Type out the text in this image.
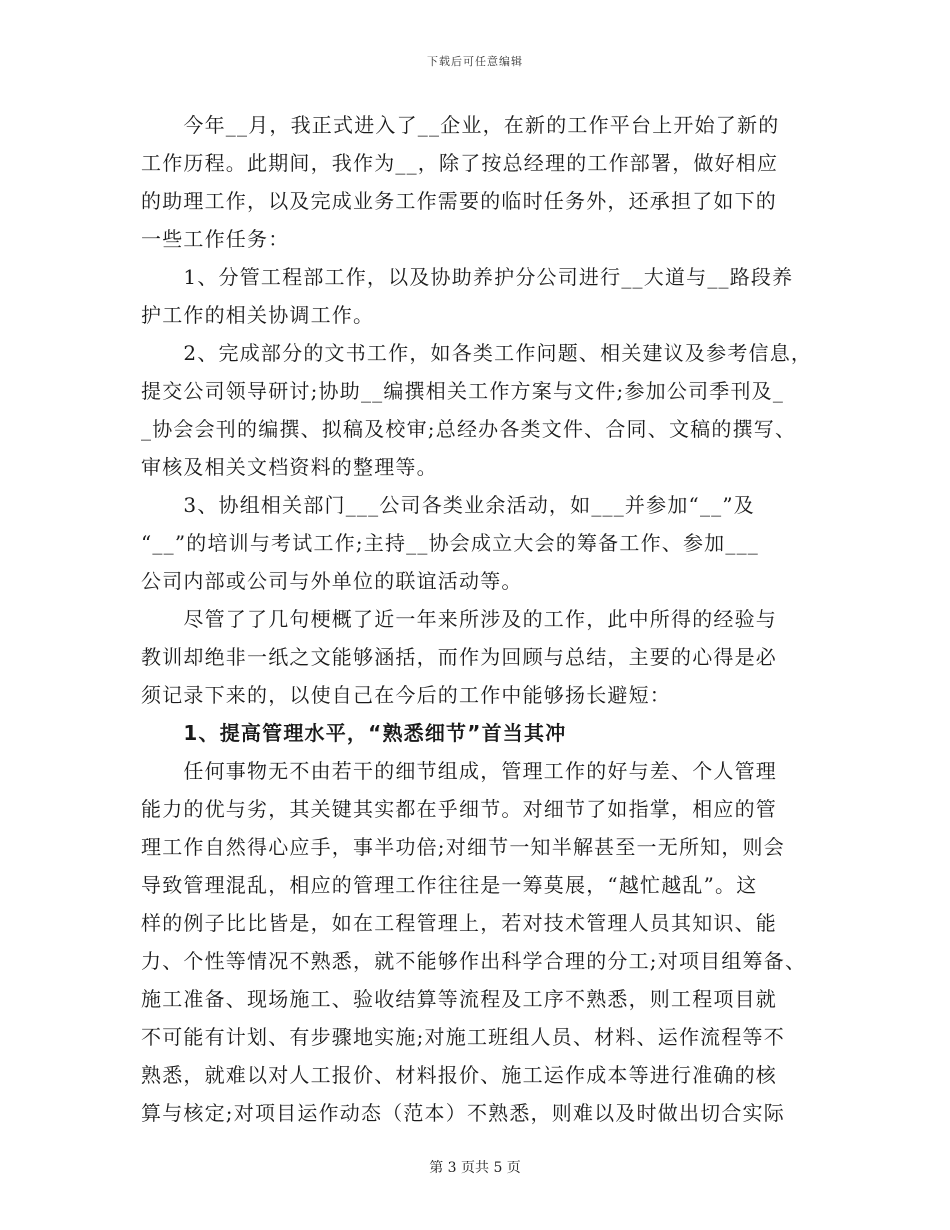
下载后可任意编辑
　　今年__月，我正式进入了__企业，在新的工作平台上开始了新的
工作历程。此期间，我作为__，除了按总经理的工作部署，做好相应
的助理工作，以及完成业务工作需要的临时任务外，还承担了如下的
一些工作任务：
　　1、分管工程部工作，以及协助养护分公司进行__大道与__路段养
护工作的相关协调工作。
　　2、完成部分的文书工作，如各类工作问题、相关建议及参考信息，
提交公司领导研讨;协助__编撰相关工作方案与文件;参加公司季刊及_
_协会会刊的编撰、拟稿及校审;总经办各类文件、合同、文稿的撰写、
审核及相关文档资料的整理等。
　　3、协组相关部门___公司各类业余活动，如___并参加“__”及
“__”的培训与考试工作;主持__协会成立大会的筹备工作、参加___
公司内部或公司与外单位的联谊活动等。
　　尽管了了几句梗概了近一年来所涉及的工作，此中所得的经验与
教训却绝非一纸之文能够涵括，而作为回顾与总结，主要的心得是必
须记录下来的，以使自己在今后的工作中能够扬长避短：
　　1、提高管理水平，“熟悉细节”首当其冲
　　任何事物无不由若干的细节组成，管理工作的好与差、个人管理
能力的优与劣，其关键其实都在乎细节。对细节了如指掌，相应的管
理工作自然得心应手，事半功倍;对细节一知半解甚至一无所知，则会
导致管理混乱，相应的管理工作往往是一筹莫展，“越忙越乱”。这
样的例子比比皆是，如在工程管理上，若对技术管理人员其知识、能
力、个性等情况不熟悉，就不能够作出科学合理的分工;对项目组筹备、
施工准备、现场施工、验收结算等流程及工序不熟悉，则工程项目就
不可能有计划、有步骤地实施;对施工班组人员、材料、运作流程等不
熟悉，就难以对人工报价、材料报价、施工运作成本等进行准确的核
算与核定;对项目运作动态（范本）不熟悉，则难以及时做出切合实际
第 3 页共 5 页
